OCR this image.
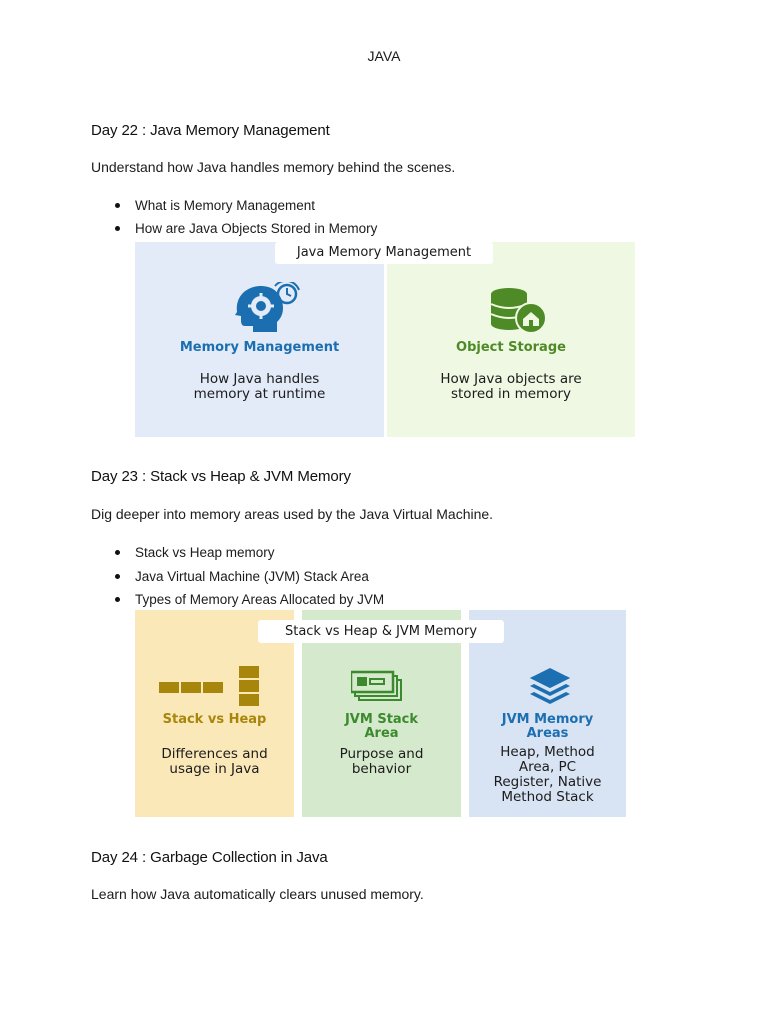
JAVA
Day 22 : Java Memory Management
Understand how Java handles memory behind the scenes.
What is Memory Management
How are Java Objects Stored in Memory
Memory Management
How Java handles
memory at runtime
Object Storage
How Java objects are
stored in memory
Java Memory Management
Day 23 : Stack vs Heap & JVM Memory
Dig deeper into memory areas used by the Java Virtual Machine.
Stack vs Heap memory
Java Virtual Machine (JVM) Stack Area
Types of Memory Areas Allocated by JVM
Stack vs Heap
Differences and
usage in Java
JVM Stack
Area
Purpose and
behavior
JVM Memory
Areas
Heap, Method
Area, PC
Register, Native
Method Stack
Stack vs Heap & JVM Memory
Day 24 : Garbage Collection in Java
Learn how Java automatically clears unused memory.
